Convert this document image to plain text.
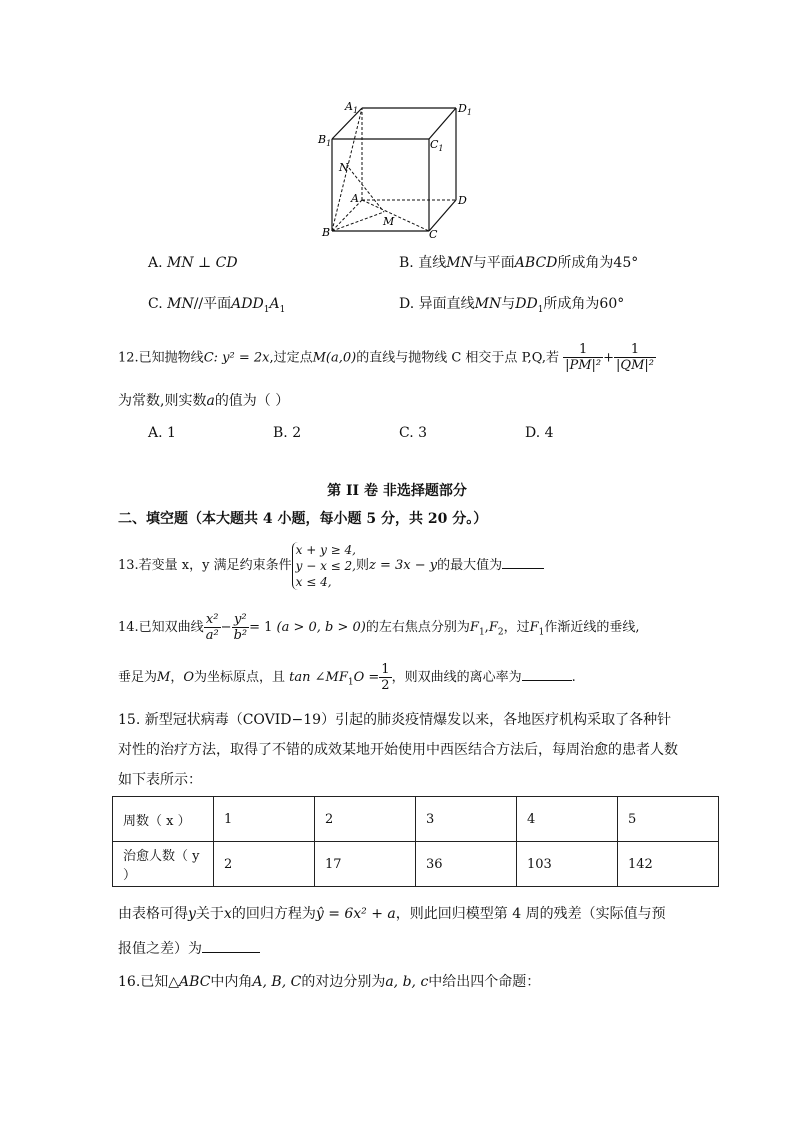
$A_1$	$D_1$
$B_1$	$C_1$
N
A	D
B
M
C
A. MN ⊥ CD	B. 直线MN与平面ABCD所成角为45°
C. MN//平面$ADD_1A_1$	D. 异面直线MN与$DD_1$所成角为60°
12.已知抛物线C: y² = 2x,过定点M(a,0)的直线与抛物线 C 相交于点 P,Q,若 $\frac{1}{\text{|PM|²}} + \frac{1}{\text{|QM|²}}$
为常数,则实数a的值为（ ）
A. 1	B. 2	C. 3	D. 4
第 II 卷 非选择题部分
二、填空题（本大题共 4 小题，每小题 5 分，共 20 分。）
13.若变量 x，y 满足约束条件
x + y ≥ 4,
y − x ≤ 2,
x ≤ 4,
则z = 3x − y的最大值为
14.已知双曲线 $\frac{\text{x²}}{\text{a²}} - \frac{\text{y²}}{\text{b²}} = 1$ (a > 0, b > 0)的左右焦点分别为$F_1,F_2$，过$F_1$作渐近线的垂线,
垂足为M，O为坐标原点，且 $\tan \angle MF_1O = \frac{1}{2}$ ，则双曲线的离心率为	.
15. 新型冠状病毒（COVID−19）引起的肺炎疫情爆发以来，各地医疗机构采取了各种针
对性的治疗方法，取得了不错的成效某地开始使用中西医结合方法后，每周治愈的患者人数
如下表所示：
周数（ x ）	1	2	3	4	5
治愈人数（ y ）	2	17	36	103	142
由表格可得y关于x的回归方程为ŷ = 6x² + a，则此回归模型第 4 周的残差（实际值与预
报值之差）为
16.已知△ABC中内角A, B, C的对边分别为a, b, c中给出四个命题：
